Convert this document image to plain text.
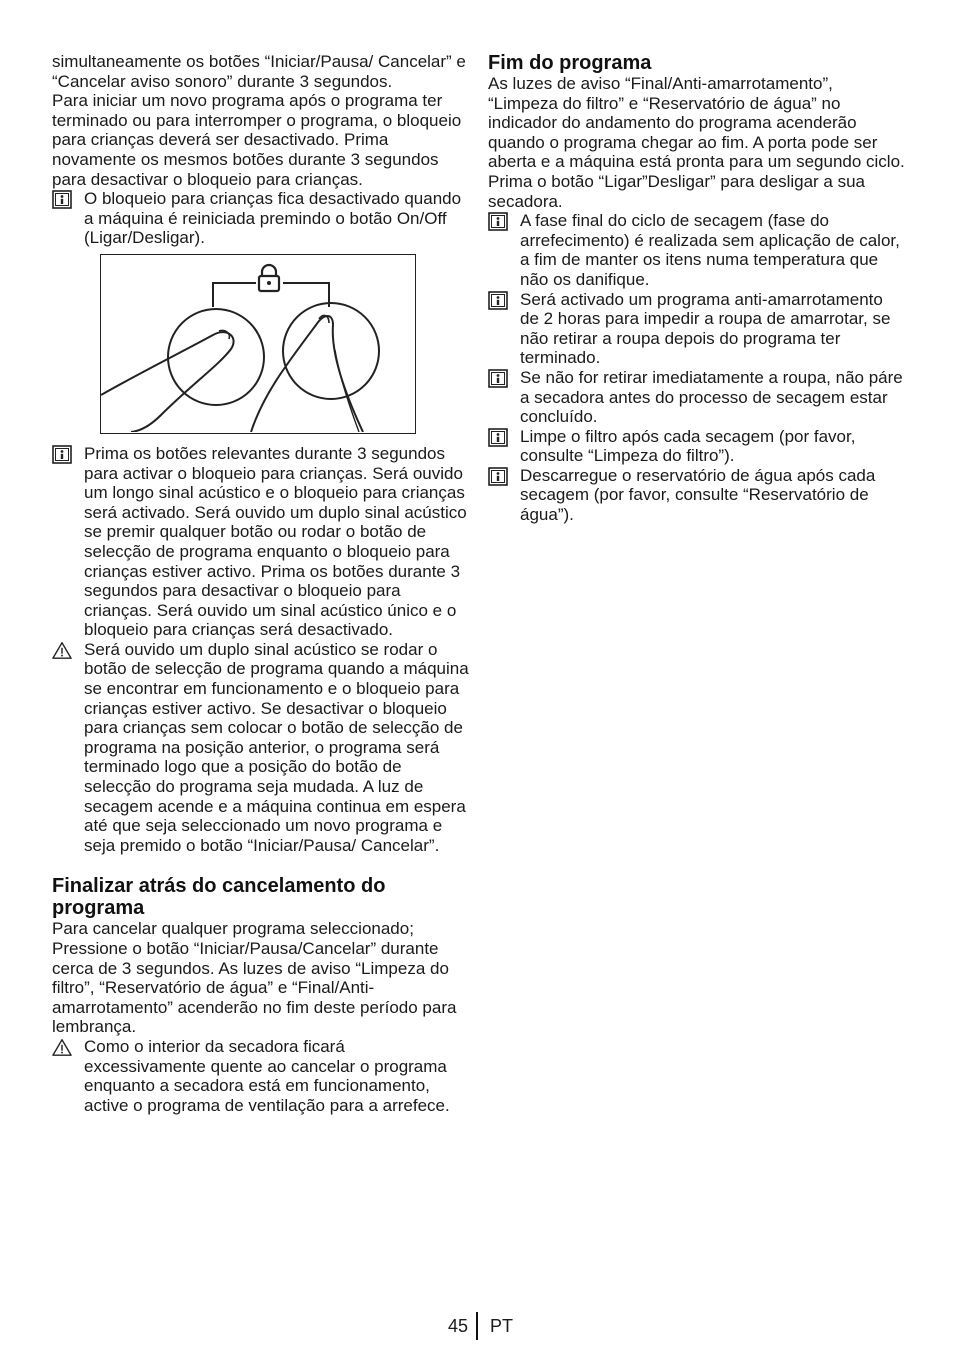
simultaneamente os botões “Iniciar/Pausa/ Cancelar” e “Cancelar aviso sonoro” durante 3 segundos.

Para iniciar um novo programa após o programa ter terminado ou para interromper o programa, o bloqueio para crianças deverá ser desactivado. Prima novamente os mesmos botões durante 3 segundos para desactivar o bloqueio para crianças.

O bloqueio para crianças fica desactivado quando a máquina é reiniciada premindo o botão On/Off (Ligar/Desligar).
Prima os botões relevantes durante 3 segundos para activar o bloqueio para crianças. Será ouvido um longo sinal acústico e o bloqueio para crianças será activado. Será ouvido um duplo sinal acústico se premir qualquer botão ou rodar o botão de selecção de programa enquanto o bloqueio para crianças estiver activo. Prima os botões durante 3 segundos para desactivar o bloqueio para crianças. Será ouvido um sinal acústico único e o bloqueio para crianças será desactivado.
Será ouvido um duplo sinal acústico se rodar o botão de selecção de programa quando a máquina se encontrar em funcionamento e o bloqueio para crianças estiver activo. Se desactivar o bloqueio para crianças sem colocar o botão de selecção de programa na posição anterior, o programa será terminado logo que a posição do botão de selecção do programa seja mudada. A luz de secagem acende e a máquina continua em espera até que seja seleccionado um novo programa e seja premido o botão “Iniciar/Pausa/ Cancelar”.
Finalizar atrás do cancelamento do programa

Para cancelar qualquer programa seleccionado; Pressione o botão “Iniciar/Pausa/Cancelar” durante cerca de 3 segundos. As luzes de aviso “Limpeza do filtro”, “Reservatório de água” e “Final/Anti-amarrotamento” acenderão no fim deste período para lembrança.

Como o interior da secadora ficará excessivamente quente ao cancelar o programa enquanto a secadora está em funcionamento, active o programa de ventilação para a arrefece.
Fim do programa

As luzes de aviso “Final/Anti-amarrotamento”, “Limpeza do filtro” e “Reservatório de água” no indicador do andamento do programa acenderão quando o programa chegar ao fim. A porta pode ser aberta e a máquina está pronta para um segundo ciclo.

Prima o botão “Ligar”Desligar” para desligar a sua secadora.

A fase final do ciclo de secagem (fase do arrefecimento) é realizada sem aplicação de calor, a fim de manter os itens numa temperatura que não os danifique.
Será activado um programa anti-amarrotamento de 2 horas para impedir a roupa de amarrotar, se não retirar a roupa depois do programa ter terminado.
Se não for retirar imediatamente a roupa, não páre a secadora antes do processo de secagem estar concluído.
Limpe o filtro após cada secagem (por favor, consulte “Limpeza do filtro”).
Descarregue o reservatório de água após cada secagem (por favor, consulte “Reservatório de água”).
45 PT
